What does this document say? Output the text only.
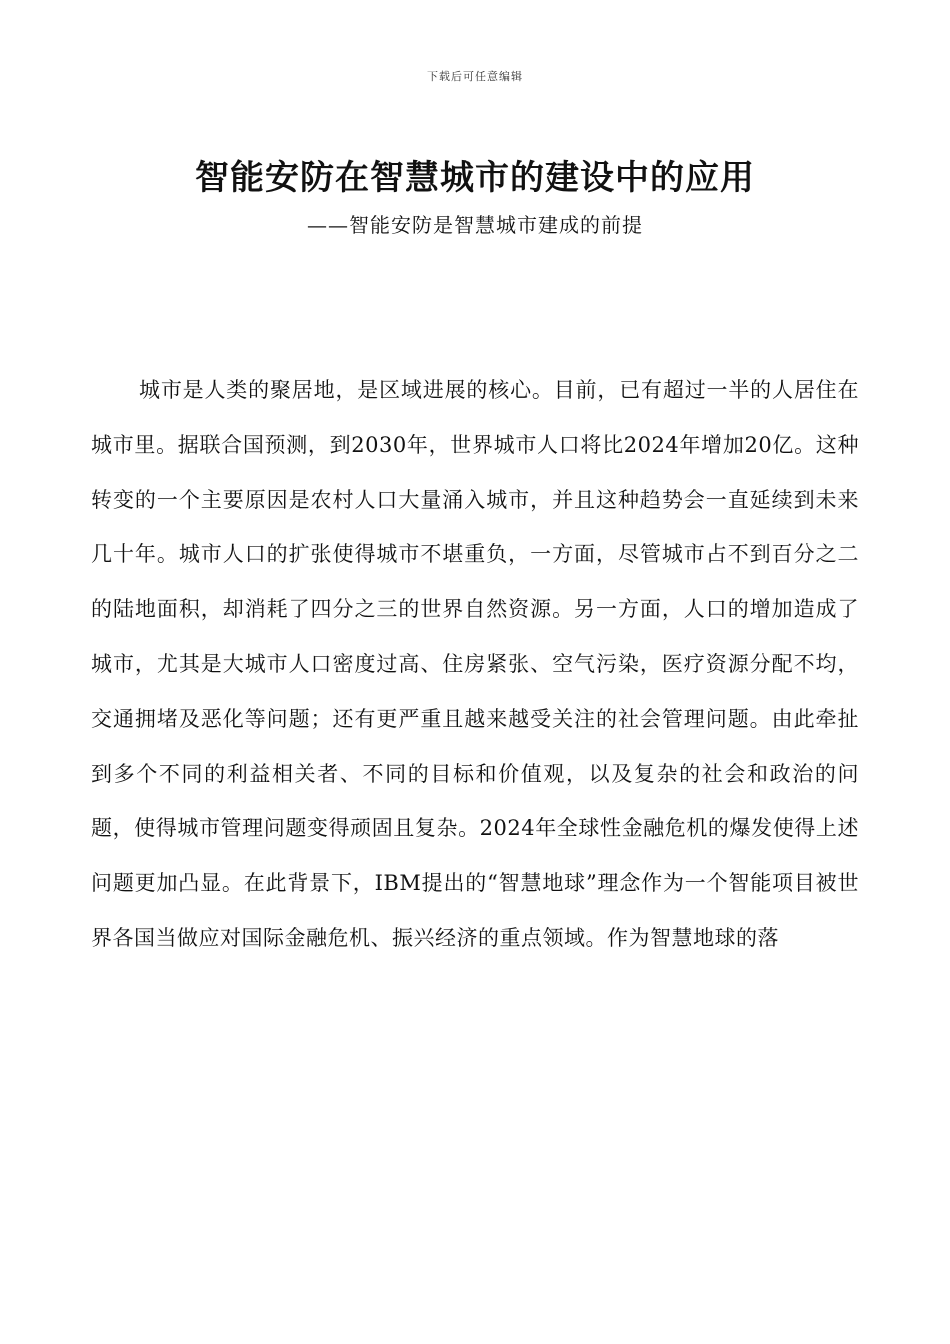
下载后可任意编辑
智能安防在智慧城市的建设中的应用

——智能安防是智慧城市建成的前提

城市是人类的聚居地，是区域进展的核心。目前，已有超过一半的人居住在城市里。据联合国预测，到2030年，世界城市人口将比2024年增加20亿。这种转变的一个主要原因是农村人口大量涌入城市，并且这种趋势会一直延续到未来几十年。城市人口的扩张使得城市不堪重负，一方面，尽管城市占不到百分之二的陆地面积，却消耗了四分之三的世界自然资源。另一方面，人口的增加造成了城市，尤其是大城市人口密度过高、住房紧张、空气污染，医疗资源分配不均，交通拥堵及恶化等问题；还有更严重且越来越受关注的社会管理问题。由此牵扯到多个不同的利益相关者、不同的目标和价值观，以及复杂的社会和政治的问题，使得城市管理问题变得顽固且复杂。2024年全球性金融危机的爆发使得上述问题更加凸显。在此背景下，IBM提出的“智慧地球”理念作为一个智能项目被世界各国当做应对国际金融危机、振兴经济的重点领域。作为智慧地球的落
